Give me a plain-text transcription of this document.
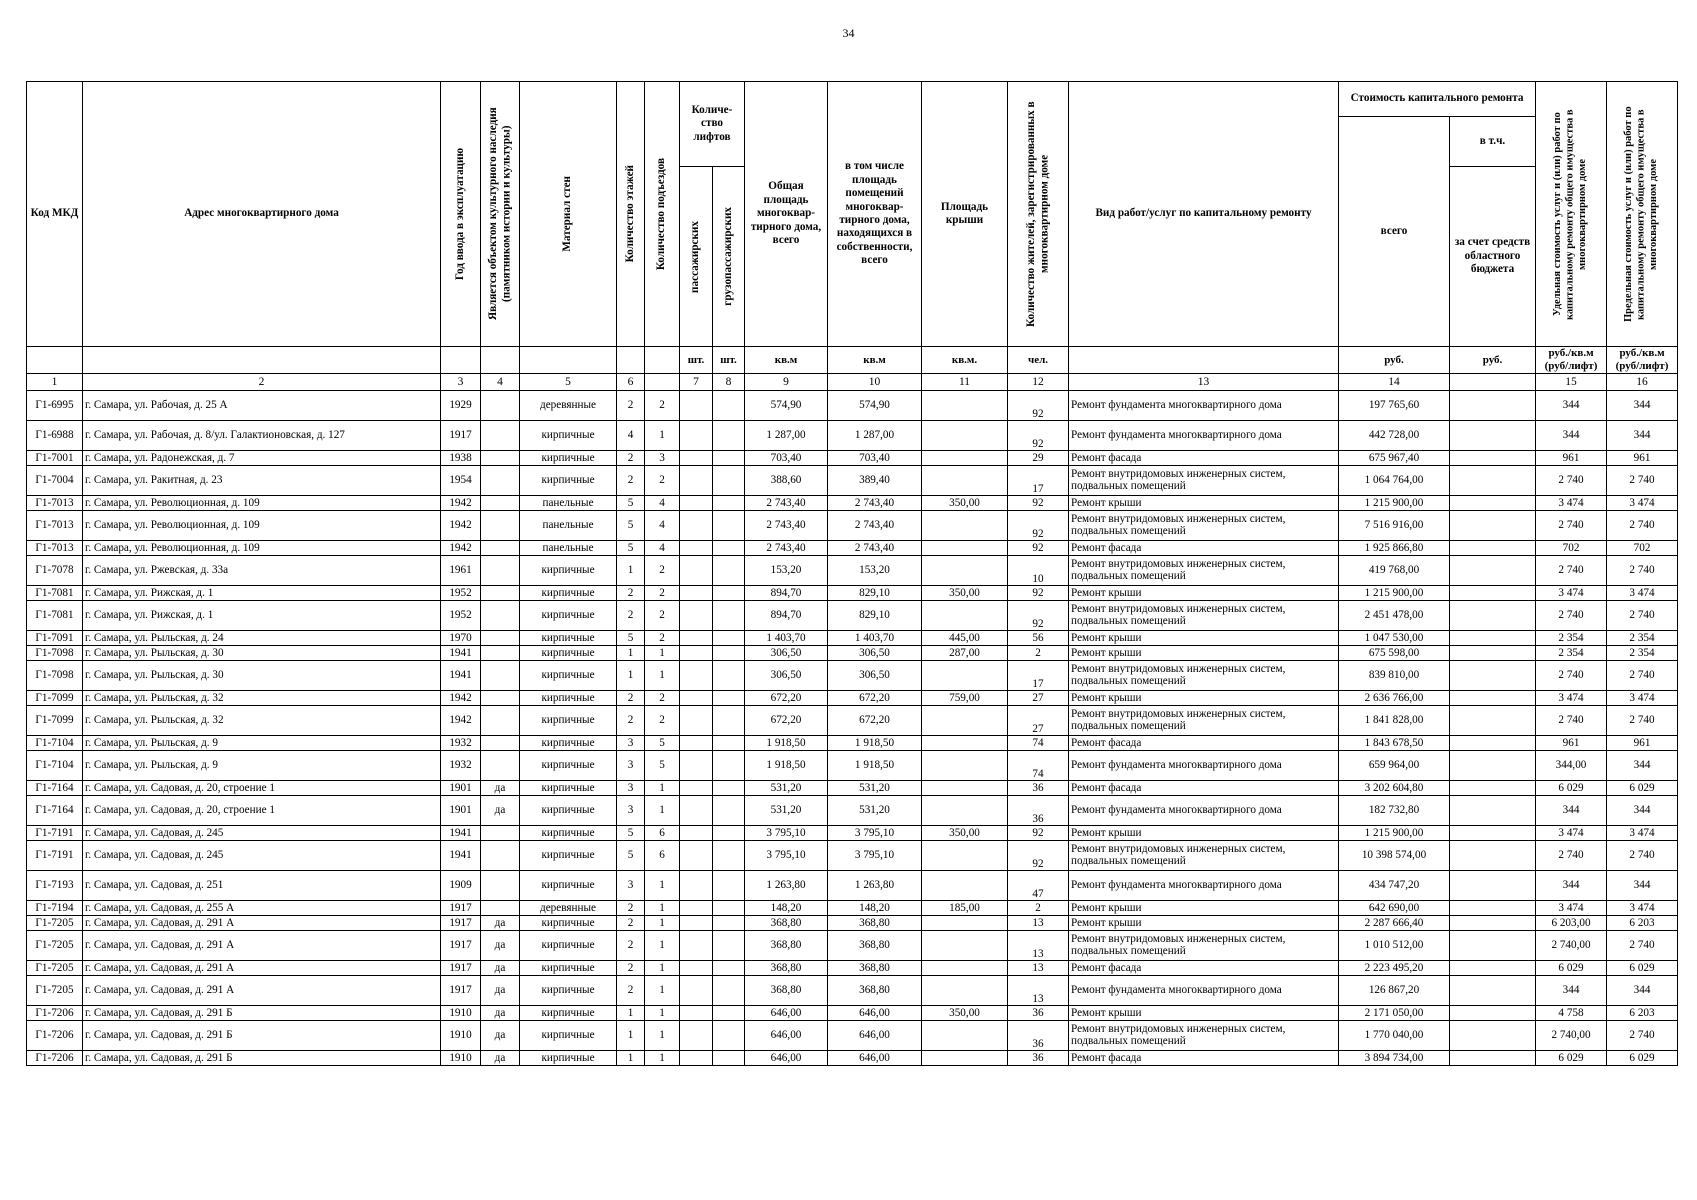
34
Код МКД	Адрес многоквартирного дома	Год ввода в эксплуатацию	Является объектом культурного наследия (памятником истории и культуры)	Материал стен	Количество этажей	Количество подъездов	Количе-ство лифтов		Общая площадь многоквар-тирного дома, всего	в том числе площадь помещений многоквар-тирного дома, находящихся в собственности, всего	Площадь крыши	Количество жителей, зарегистрированных в многоквартирном доме	Вид работ/услуг по капитальному ремонту	Стоимость капитального ремонта		Удельная стоимость услуг и (или) работ по капитальному ремонту общего имущества в многоквартирном доме	Предельная стоимость услуг и (или) работ по капитальному ремонту общего имущества в многоквартирном доме

														всего	в т.ч.		

							пассажирских	грузопассажирских							за счет средств областного бюджета		
							шт.	шт.	кв.м	кв.м	кв.м.	чел.		руб.	руб.	руб./кв.м (руб/лифт)	руб./кв.м (руб/лифт)
1	2	3	4	5	6		7	8	9	10	11	12	13	14		15	16
Г1-6995	г. Самара, ул. Рабочая, д. 25 А	1929		деревянные	2	2			574,90	574,90		92	Ремонт фундамента многоквартирного дома	197 765,60		344	344
Г1-6988	г. Самара, ул. Рабочая, д. 8/ул. Галактионовская, д. 127	1917		кирпичные	4	1			1 287,00	1 287,00		92	Ремонт фундамента многоквартирного дома	442 728,00		344	344
Г1-7001	г. Самара, ул. Радонежская, д. 7	1938		кирпичные	2	3			703,40	703,40		29	Ремонт фасада	675 967,40		961	961
Г1-7004	г. Самара, ул. Ракитная, д. 23	1954		кирпичные	2	2			388,60	389,40		17	Ремонт внутридомовых инженерных систем, подвальных помещений	1 064 764,00		2 740	2 740
Г1-7013	г. Самара, ул. Революционная, д. 109	1942		панельные	5	4			2 743,40	2 743,40	350,00	92	Ремонт крыши	1 215 900,00		3 474	3 474
Г1-7013	г. Самара, ул. Революционная, д. 109	1942		панельные	5	4			2 743,40	2 743,40		92	Ремонт внутридомовых инженерных систем, подвальных помещений	7 516 916,00		2 740	2 740
Г1-7013	г. Самара, ул. Революционная, д. 109	1942		панельные	5	4			2 743,40	2 743,40		92	Ремонт фасада	1 925 866,80		702	702
Г1-7078	г. Самара, ул. Ржевская, д. 33а	1961		кирпичные	1	2			153,20	153,20		10	Ремонт внутридомовых инженерных систем, подвальных помещений	419 768,00		2 740	2 740
Г1-7081	г. Самара, ул. Рижская, д. 1	1952		кирпичные	2	2			894,70	829,10	350,00	92	Ремонт крыши	1 215 900,00		3 474	3 474
Г1-7081	г. Самара, ул. Рижская, д. 1	1952		кирпичные	2	2			894,70	829,10		92	Ремонт внутридомовых инженерных систем, подвальных помещений	2 451 478,00		2 740	2 740
Г1-7091	г. Самара, ул. Рыльская, д. 24	1970		кирпичные	5	2			1 403,70	1 403,70	445,00	56	Ремонт крыши	1 047 530,00		2 354	2 354
Г1-7098	г. Самара, ул. Рыльская, д. 30	1941		кирпичные	1	1			306,50	306,50	287,00	2	Ремонт крыши	675 598,00		2 354	2 354
Г1-7098	г. Самара, ул. Рыльская, д. 30	1941		кирпичные	1	1			306,50	306,50		17	Ремонт внутридомовых инженерных систем, подвальных помещений	839 810,00		2 740	2 740
Г1-7099	г. Самара, ул. Рыльская, д. 32	1942		кирпичные	2	2			672,20	672,20	759,00	27	Ремонт крыши	2 636 766,00		3 474	3 474
Г1-7099	г. Самара, ул. Рыльская, д. 32	1942		кирпичные	2	2			672,20	672,20		27	Ремонт внутридомовых инженерных систем, подвальных помещений	1 841 828,00		2 740	2 740
Г1-7104	г. Самара, ул. Рыльская, д. 9	1932		кирпичные	3	5			1 918,50	1 918,50		74	Ремонт фасада	1 843 678,50		961	961
Г1-7104	г. Самара, ул. Рыльская, д. 9	1932		кирпичные	3	5			1 918,50	1 918,50		74	Ремонт фундамента многоквартирного дома	659 964,00		344,00	344
Г1-7164	г. Самара, ул. Садовая, д. 20, строение 1	1901	да	кирпичные	3	1			531,20	531,20		36	Ремонт фасада	3 202 604,80		6 029	6 029
Г1-7164	г. Самара, ул. Садовая, д. 20, строение 1	1901	да	кирпичные	3	1			531,20	531,20		36	Ремонт фундамента многоквартирного дома	182 732,80		344	344
Г1-7191	г. Самара, ул. Садовая, д. 245	1941		кирпичные	5	6			3 795,10	3 795,10	350,00	92	Ремонт крыши	1 215 900,00		3 474	3 474
Г1-7191	г. Самара, ул. Садовая, д. 245	1941		кирпичные	5	6			3 795,10	3 795,10		92	Ремонт внутридомовых инженерных систем, подвальных помещений	10 398 574,00		2 740	2 740
Г1-7193	г. Самара, ул. Садовая, д. 251	1909		кирпичные	3	1			1 263,80	1 263,80		47	Ремонт фундамента многоквартирного дома	434 747,20		344	344
Г1-7194	г. Самара, ул. Садовая, д. 255 А	1917		деревянные	2	1			148,20	148,20	185,00	2	Ремонт крыши	642 690,00		3 474	3 474
Г1-7205	г. Самара, ул. Садовая, д. 291 А	1917	да	кирпичные	2	1			368,80	368,80		13	Ремонт крыши	2 287 666,40		6 203,00	6 203
Г1-7205	г. Самара, ул. Садовая, д. 291 А	1917	да	кирпичные	2	1			368,80	368,80		13	Ремонт внутридомовых инженерных систем, подвальных помещений	1 010 512,00		2 740,00	2 740
Г1-7205	г. Самара, ул. Садовая, д. 291 А	1917	да	кирпичные	2	1			368,80	368,80		13	Ремонт фасада	2 223 495,20		6 029	6 029
Г1-7205	г. Самара, ул. Садовая, д. 291 А	1917	да	кирпичные	2	1			368,80	368,80		13	Ремонт фундамента многоквартирного дома	126 867,20		344	344
Г1-7206	г. Самара, ул. Садовая, д. 291 Б	1910	да	кирпичные	1	1			646,00	646,00	350,00	36	Ремонт крыши	2 171 050,00		4 758	6 203
Г1-7206	г. Самара, ул. Садовая, д. 291 Б	1910	да	кирпичные	1	1			646,00	646,00		36	Ремонт внутридомовых инженерных систем, подвальных помещений	1 770 040,00		2 740,00	2 740
Г1-7206	г. Самара, ул. Садовая, д. 291 Б	1910	да	кирпичные	1	1			646,00	646,00		36	Ремонт фасада	3 894 734,00		6 029	6 029
